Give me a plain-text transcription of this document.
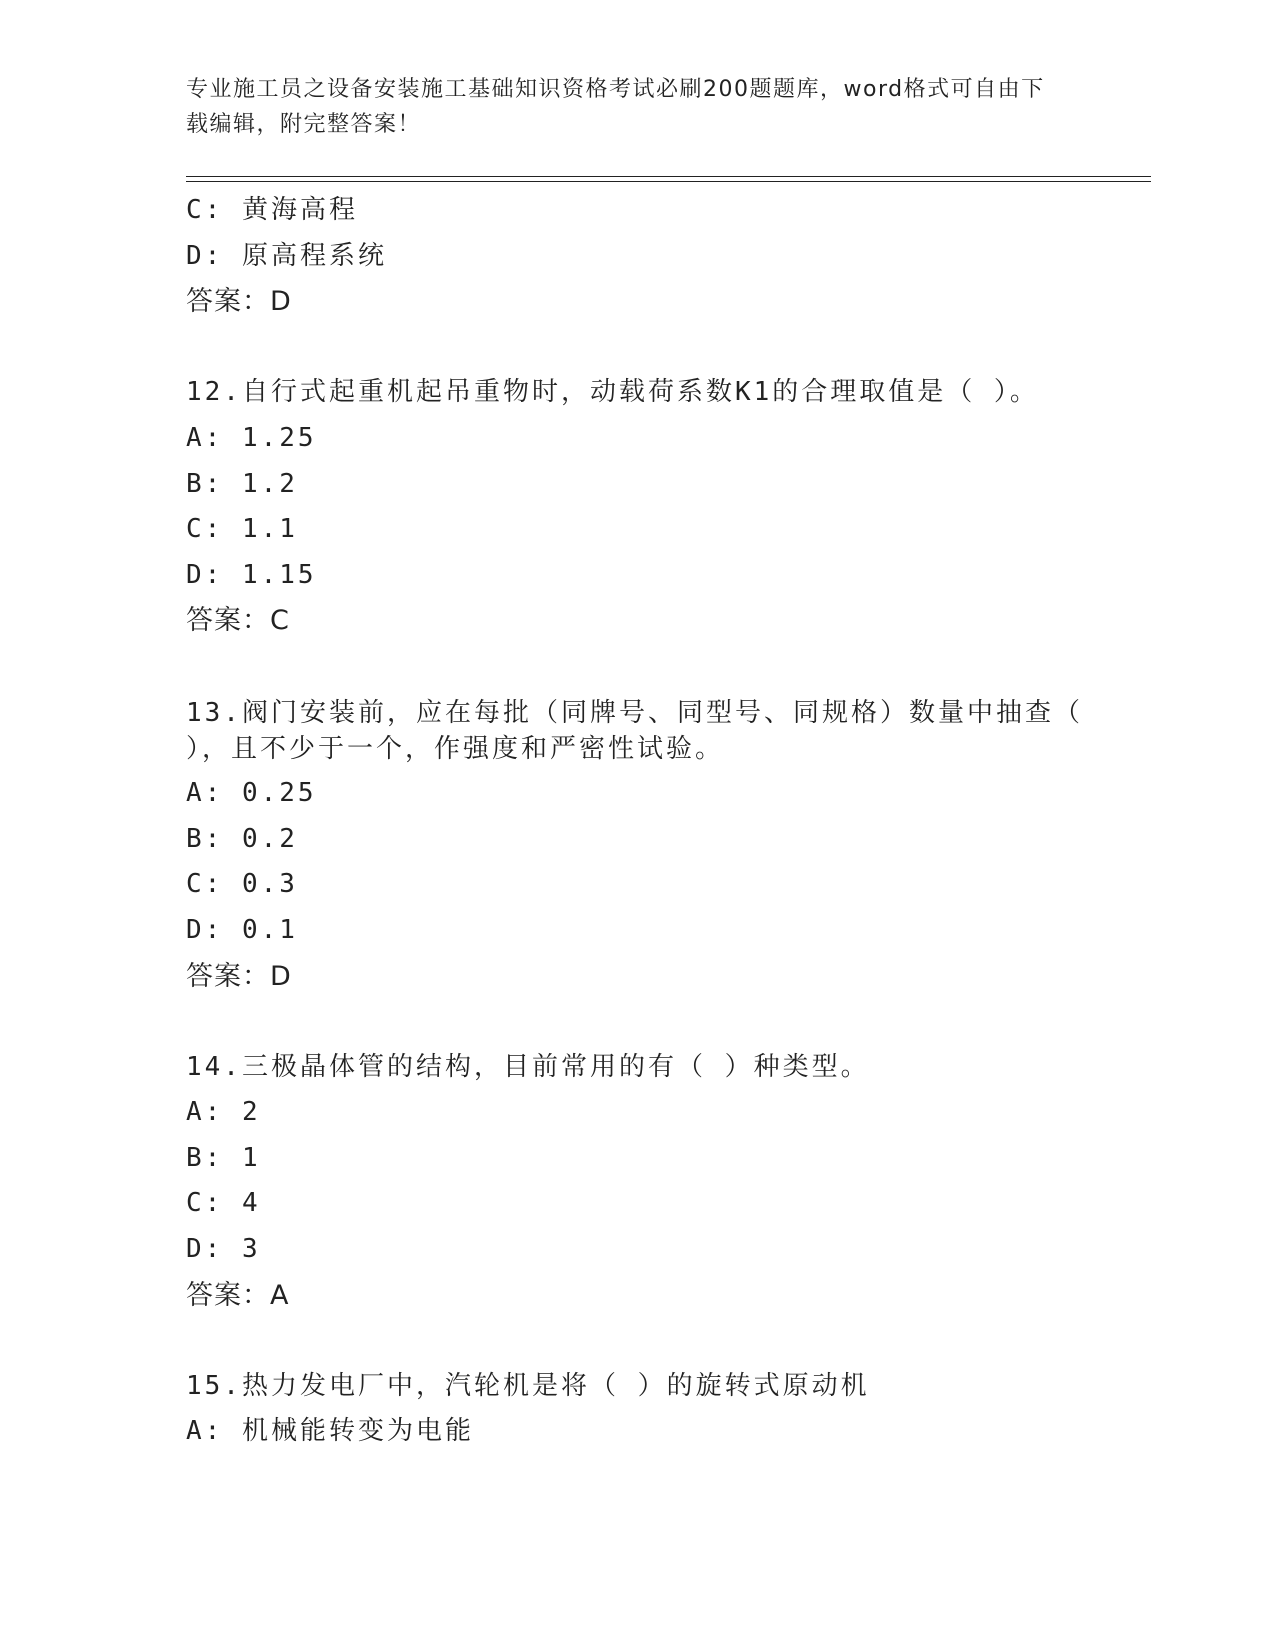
专业施工员之设备安装施工基础知识资格考试必刷200题题库，word格式可自由下载编辑，附完整答案！
C: 黄海高程
D: 原高程系统
答案：D
12.自行式起重机起吊重物时，动载荷系数K1的合理取值是（ ）。
A: 1.25
B: 1.2
C: 1.1
D: 1.15
答案：C
13.阀门安装前，应在每批（同牌号、同型号、同规格）数量中抽查（ ），且不少于一个，作强度和严密性试验。
A: 0.25
B: 0.2
C: 0.3
D: 0.1
答案：D
14.三极晶体管的结构，目前常用的有（ ）种类型。
A: 2
B: 1
C: 4
D: 3
答案：A
15.热力发电厂中，汽轮机是将（ ）的旋转式原动机
A: 机械能转变为电能
